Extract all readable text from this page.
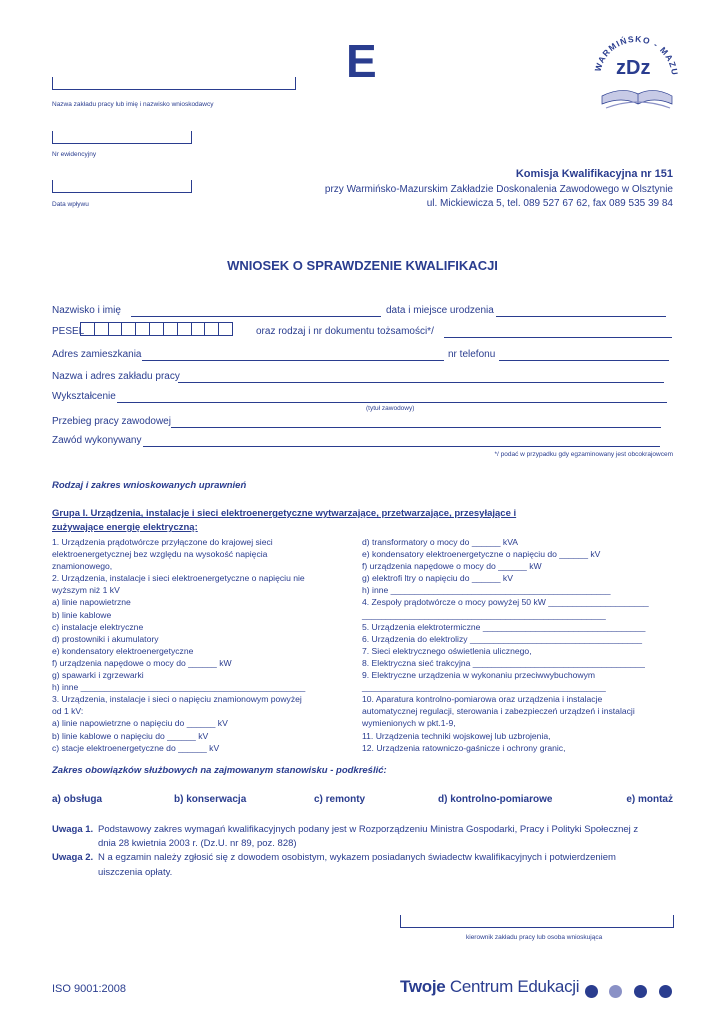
E
Nazwa zakładu pracy lub imię i nazwisko wnioskodawcy
Nr ewidencyjny
Data wpływu
WARMIŃSKO - MAZU
zDz
Komisja Kwalifikacyjna nr 151
przy Warmińsko-Mazurskim Zakładzie Doskonalenia Zawodowego w Olsztynie
ul. Mickiewicza 5, tel. 089 527 67 62, fax 089 535 39 84
WNIOSEK O SPRAWDZENIE KWALIFIKACJI
Nazwisko i imię	data i miejsce urodzenia
PESEL	oraz rodzaj i nr dokumentu tożsamości*/
Adres zamieszkania	nr telefonu
Nazwa i adres zakładu pracy
Wykształcenie
(tytuł zawodowy)
Przebieg pracy zawodowej
Zawód wykonywany
*/ podać w przypadku gdy egzaminowany jest obcokrajowcem
Rodzaj i zakres wnioskowanych uprawnień
Grupa I. Urządzenia, instalacje i sieci elektroenergetyczne wytwarzające, przetwarzające, przesyłające i
zużywające energię elektryczną:
1. Urządzenia prądotwórcze przyłączone do krajowej sieci
elektroenergetycznej bez względu na wysokość napięcia
znamionowego,
2. Urządzenia, instalacje i sieci elektroenergetyczne o napięciu nie
wyższym niż 1 kV
a) linie napowietrzne
b) linie kablowe
c) instalacje elektryczne
d) prostowniki i akumulatory
e) kondensatory elektroenergetyczne
f) urządzenia napędowe o mocy do ______ kW
g) spawarki i zgrzewarki
h) inne _______________________________________________
3. Urządzenia, instalacje i sieci o napięciu znamionowym powyżej
od 1 kV:
a) linie napowietrzne o napięciu do ______ kV
b) linie kablowe o napięciu do ______ kV
c) stacje elektroenergetyczne do ______ kV
d) transformatory o mocy do ______ kVA
e) kondensatory elektroenergetyczne o napięciu do ______ kV
f) urządzenia napędowe o mocy do ______ kW
g) elektrofi ltry o napięciu do ______ kV
h) inne ______________________________________________
4. Zespoły prądotwórcze o mocy powyżej 50 kW _____________________
___________________________________________________
5. Urządzenia elektrotermiczne __________________________________
6. Urządzenia do elektrolizy ____________________________________
7. Sieci elektrycznego oświetlenia ulicznego,
8. Elektryczna sieć trakcyjna ____________________________________
9. Elektryczne urządzenia w wykonaniu przeciwwybuchowym
___________________________________________________
10. Aparatura kontrolno-pomiarowa oraz urządzenia i instalacje
automatycznej regulacji, sterowania i zabezpieczeń urządzeń i instalacji
wymienionych w pkt.1-9,
11. Urządzenia techniki wojskowej lub uzbrojenia,
12. Urządzenia ratowniczo-gaśnicze i ochrony granic,
Zakres obowiązków służbowych na zajmowanym stanowisku - podkreślić:
a) obsługa	b) konserwacja	c) remonty	d) kontrolno-pomiarowe	e) montaż
Uwaga 1. Podstawowy zakres wymagań kwalifikacyjnych podany jest w Rozporządzeniu Ministra Gospodarki, Pracy i Polityki Społecznej z
dnia 28 kwietnia 2003 r. (Dz.U. nr 89, poz. 828)
Uwaga 2. N a egzamin należy zgłosić się z dowodem osobistym, wykazem posiadanych świadectw kwalifikacyjnych i potwierdzeniem
uiszczenia opłaty.
kierownik zakładu pracy lub osoba wnioskująca
ISO 9001:2008	Twoje Centrum Edukacji
